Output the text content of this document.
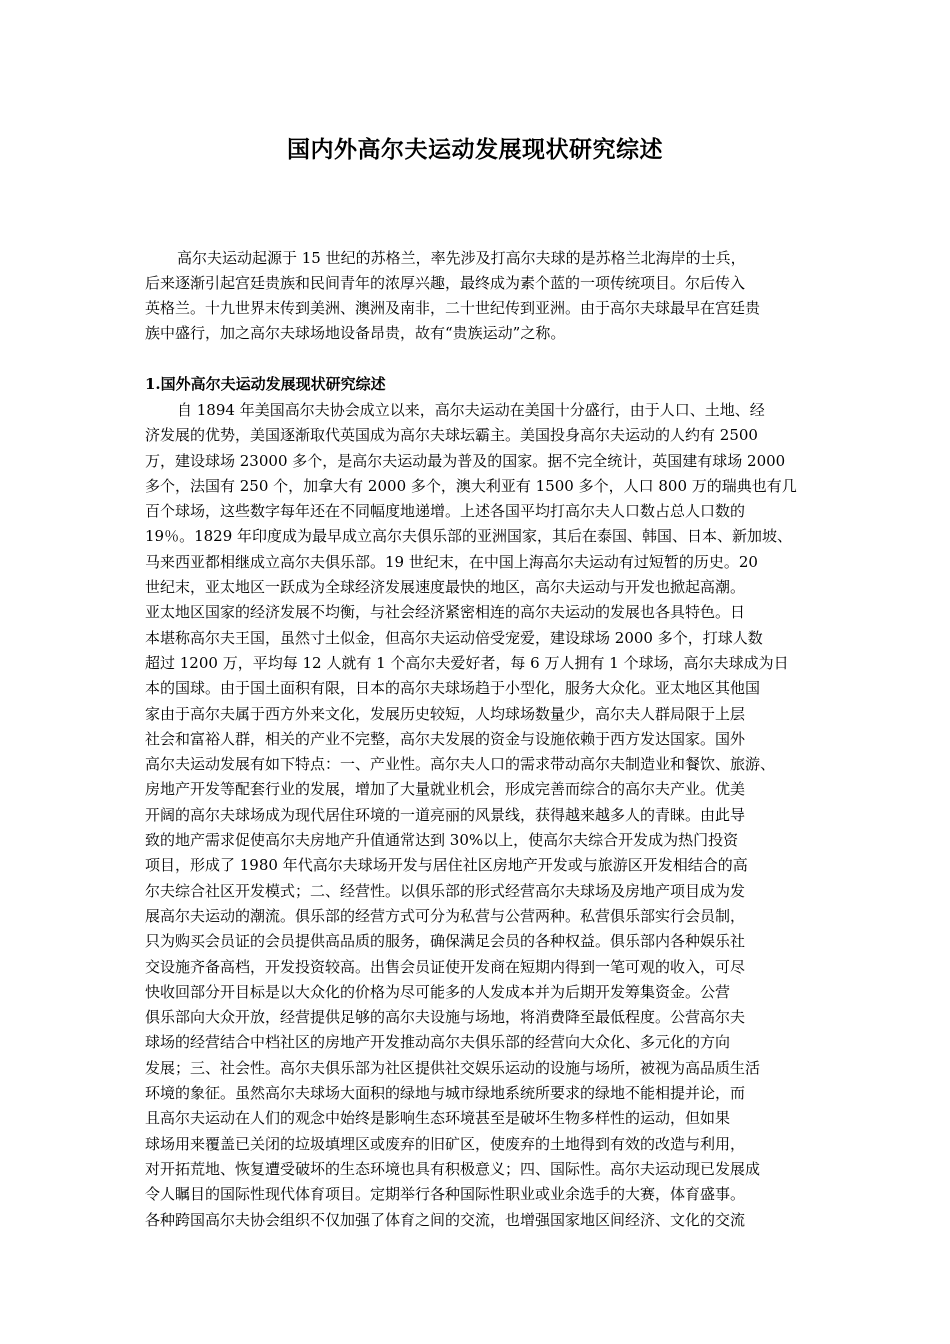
国内外高尔夫运动发展现状研究综述
高尔夫运动起源于 15 世纪的苏格兰，率先涉及打高尔夫球的是苏格兰北海岸的士兵，
后来逐渐引起宫廷贵族和民间青年的浓厚兴趣，最终成为素个蓝的一项传统项目。尔后传入
英格兰。十九世界末传到美洲、澳洲及南非，二十世纪传到亚洲。由于高尔夫球最早在宫廷贵
族中盛行，加之高尔夫球场地设备昂贵，故有“贵族运动”之称。
1.国外高尔夫运动发展现状研究综述
自 1894 年美国高尔夫协会成立以来，高尔夫运动在美国十分盛行，由于人口、土地、经
济发展的优势，美国逐渐取代英国成为高尔夫球坛霸主。美国投身高尔夫运动的人约有 2500
万，建设球场 23000 多个，是高尔夫运动最为普及的国家。据不完全统计，英国建有球场 2000
多个，法国有 250 个，加拿大有 2000 多个，澳大利亚有 1500 多个，人口 800 万的瑞典也有几
百个球场，这些数字每年还在不同幅度地递增。上述各国平均打高尔夫人口数占总人口数的
19％。1829 年印度成为最早成立高尔夫俱乐部的亚洲国家，其后在泰国、韩国、日本、新加坡、
马来西亚都相继成立高尔夫俱乐部。19 世纪末，在中国上海高尔夫运动有过短暂的历史。20
世纪末，亚太地区一跃成为全球经济发展速度最快的地区，高尔夫运动与开发也掀起高潮。
亚太地区国家的经济发展不均衡，与社会经济紧密相连的高尔夫运动的发展也各具特色。日
本堪称高尔夫王国，虽然寸土似金，但高尔夫运动倍受宠爱，建设球场 2000 多个，打球人数
超过 1200 万，平均每 12 人就有 1 个高尔夫爱好者，每 6 万人拥有 1 个球场，高尔夫球成为日
本的国球。由于国土面积有限，日本的高尔夫球场趋于小型化，服务大众化。亚太地区其他国
家由于高尔夫属于西方外来文化，发展历史较短，人均球场数量少，高尔夫人群局限于上层
社会和富裕人群，相关的产业不完整，高尔夫发展的资金与设施依赖于西方发达国家。国外
高尔夫运动发展有如下特点：一、产业性。高尔夫人口的需求带动高尔夫制造业和餐饮、旅游、
房地产开发等配套行业的发展，增加了大量就业机会，形成完善而综合的高尔夫产业。优美
开阔的高尔夫球场成为现代居住环境的一道亮丽的风景线，获得越来越多人的青睐。由此导
致的地产需求促使高尔夫房地产升值通常达到 30%以上，使高尔夫综合开发成为热门投资
项目，形成了 1980 年代高尔夫球场开发与居住社区房地产开发或与旅游区开发相结合的高
尔夫综合社区开发模式；二、经营性。以俱乐部的形式经营高尔夫球场及房地产项目成为发
展高尔夫运动的潮流。俱乐部的经营方式可分为私营与公营两种。私营俱乐部实行会员制，
只为购买会员证的会员提供高品质的服务，确保满足会员的各种权益。俱乐部内各种娱乐社
交设施齐备高档，开发投资较高。出售会员证使开发商在短期内得到一笔可观的收入，可尽
快收回部分开目标是以大众化的价格为尽可能多的人发成本并为后期开发筹集资金。公营
俱乐部向大众开放，经营提供足够的高尔夫设施与场地，将消费降至最低程度。公营高尔夫
球场的经营结合中档社区的房地产开发推动高尔夫俱乐部的经营向大众化、多元化的方向
发展；三、社会性。高尔夫俱乐部为社区提供社交娱乐运动的设施与场所，被视为高品质生活
环境的象征。虽然高尔夫球场大面积的绿地与城市绿地系统所要求的绿地不能相提并论，而
且高尔夫运动在人们的观念中始终是影响生态环境甚至是破坏生物多样性的运动，但如果
球场用来覆盖已关闭的垃圾填埋区或废弃的旧矿区，使废弃的土地得到有效的改造与利用，
对开拓荒地、恢复遭受破坏的生态环境也具有积极意义；四、国际性。高尔夫运动现已发展成
令人瞩目的国际性现代体育项目。定期举行各种国际性职业或业余选手的大赛，体育盛事。
各种跨国高尔夫协会组织不仅加强了体育之间的交流，也增强国家地区间经济、文化的交流
